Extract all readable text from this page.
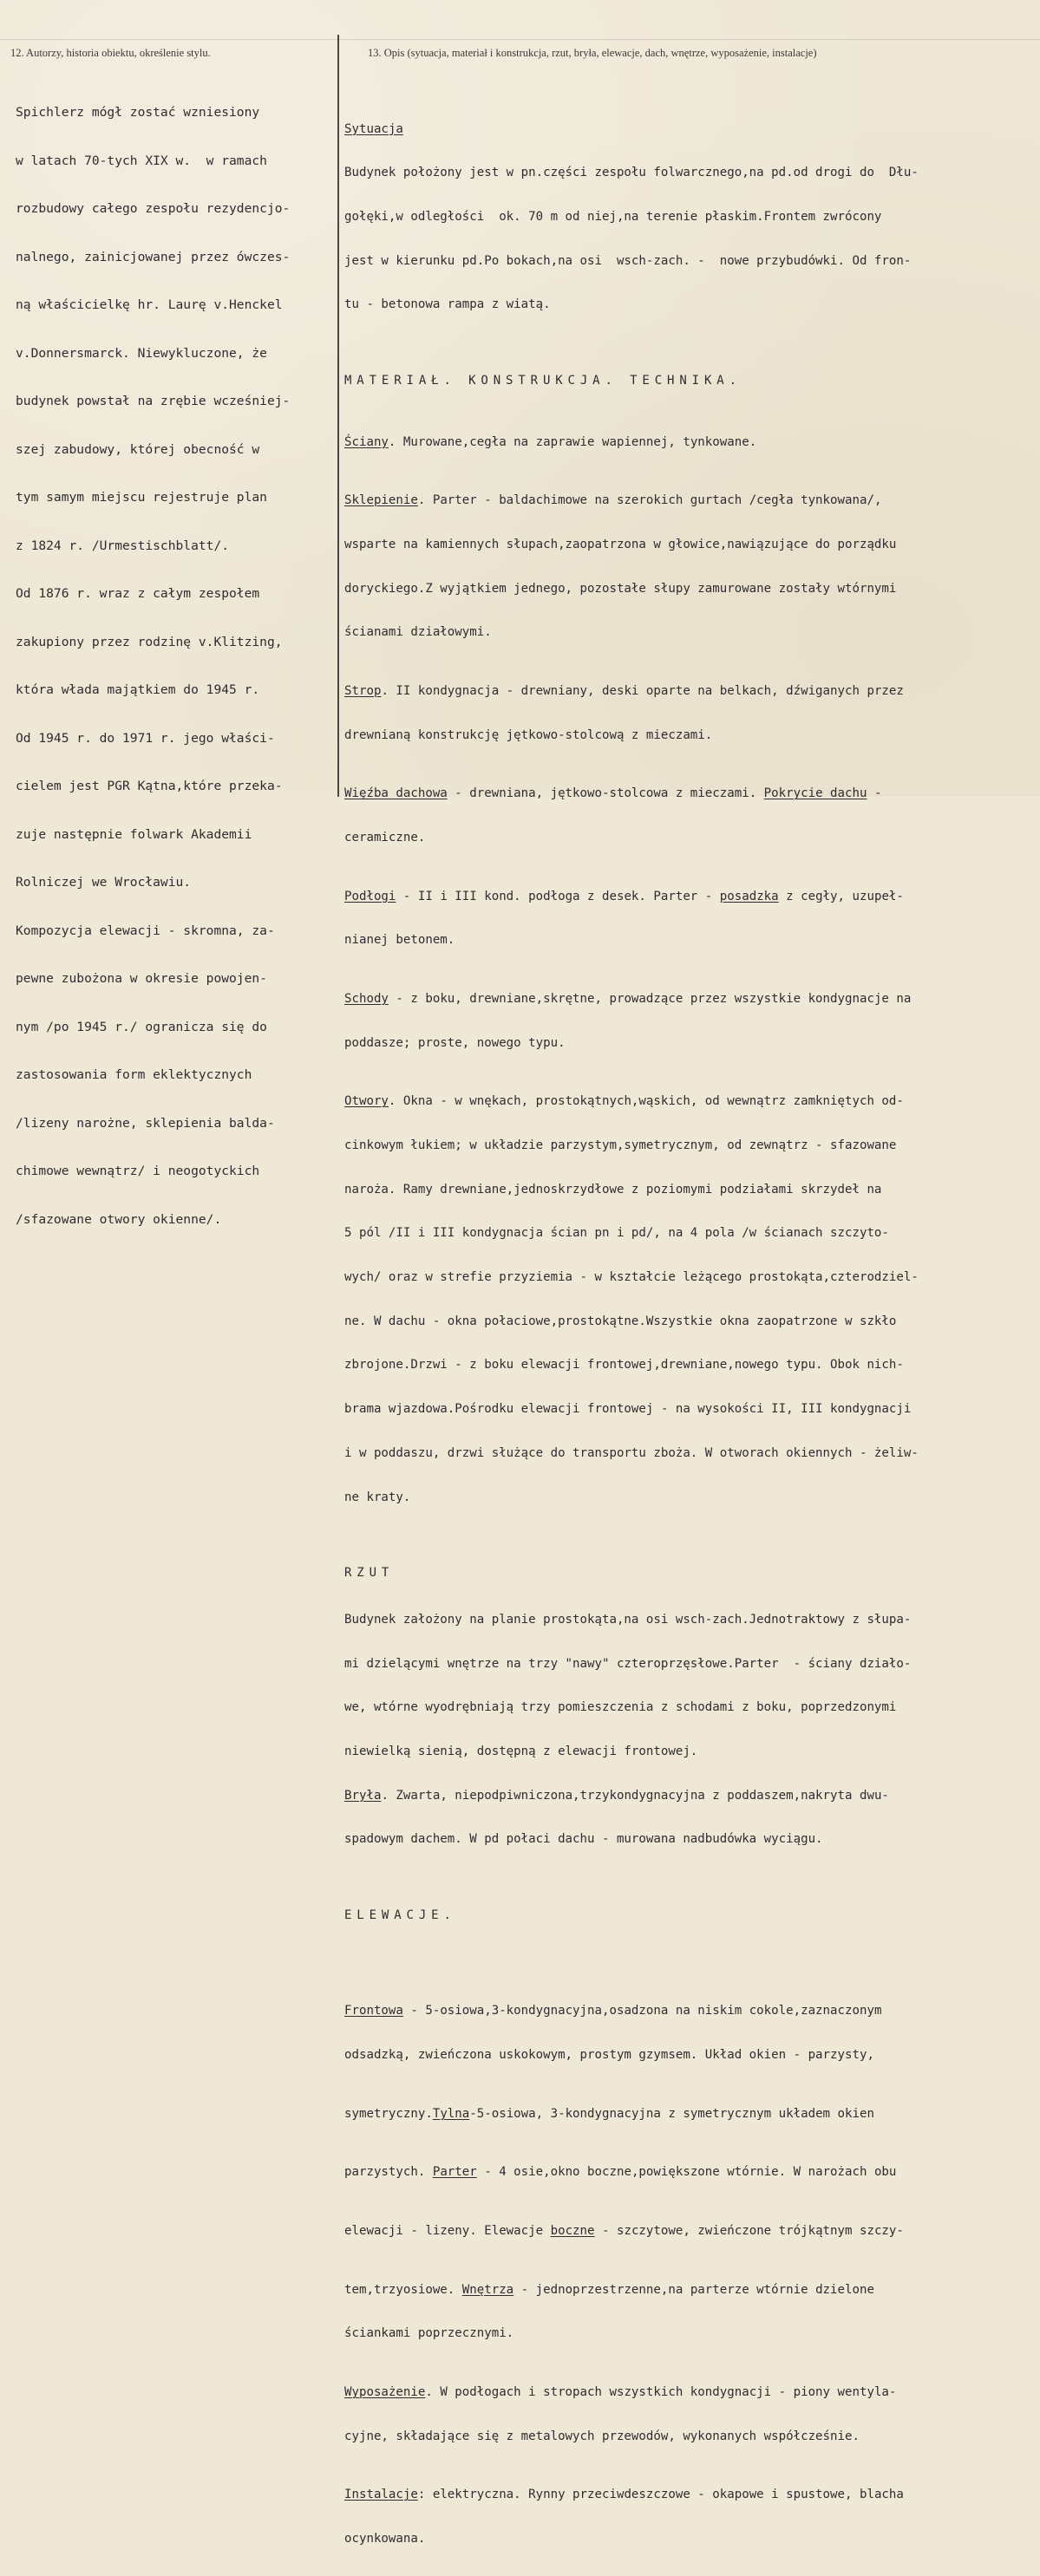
12. Autorzy, historia obiektu, określenie stylu.	13. Opis (sytuacja, materiał i konstrukcja, rzut, bryła, elewacje, dach, wnętrze, wyposażenie, instalacje)

Spichlerz mógł zostać wzniesiony

w latach 70-tych XIX w.  w ramach

rozbudowy całego zespołu rezydencjo-

nalnego, zainicjowanej przez ówczes-

ną właścicielkę hr. Laurę v.Henckel

v.Donnersmarck. Niewykluczone, że

budynek powstał na zrębie wcześniej-

szej zabudowy, której obecność w

tym samym miejscu rejestruje plan

z 1824 r. /Urmestischblatt/.

Od 1876 r. wraz z całym zespołem

zakupiony przez rodzinę v.Klitzing,

która włada majątkiem do 1945 r.

Od 1945 r. do 1971 r. jego właści-

cielem jest PGR Kątna,które przeka-

zuje następnie folwark Akademii

Rolniczej we Wrocławiu.

Kompozycja elewacji - skromna, za-

pewne zubożona w okresie powojen-

nym /po 1945 r./ ogranicza się do

zastosowania form eklektycznych

/lizeny narożne, sklepienia balda-

chimowe wewnątrz/ i neogotyckich

/sfazowane otwory okienne/.

Sytuacja

Budynek położony jest w pn.części zespołu folwarcznego,na pd.od drogi do  Dłu-

gołęki,w odległości  ok. 70 m od niej,na terenie płaskim.Frontem zwrócony

jest w kierunku pd.Po bokach,na osi  wsch-zach. -  nowe przybudówki. Od fron-

tu - betonowa rampa z wiatą.

MATERIAŁ. KONSTRUKCJA. TECHNIKA.

Ściany. Murowane,cegła na zaprawie wapiennej, tynkowane.

Sklepienie. Parter - baldachimowe na szerokich gurtach /cegła tynkowana/,

wsparte na kamiennych słupach,zaopatrzona w głowice,nawiązujące do porządku

doryckiego.Z wyjątkiem jednego, pozostałe słupy zamurowane zostały wtórnymi

ścianami działowymi.

Strop. II kondygnacja - drewniany, deski oparte na belkach, dźwiganych przez

drewnianą konstrukcję jętkowo-stolcową z mieczami.

Więźba dachowa - drewniana, jętkowo-stolcowa z mieczami. Pokrycie dachu -

ceramiczne.

Podłogi - II i III kond. podłoga z desek. Parter - posadzka z cegły, uzupeł-

nianej betonem.

Schody - z boku, drewniane,skrętne, prowadzące przez wszystkie kondygnacje na

poddasze; proste, nowego typu.

Otwory. Okna - w wnękach, prostokątnych,wąskich, od wewnątrz zamkniętych od-

cinkowym łukiem; w układzie parzystym,symetrycznym, od zewnątrz - sfazowane

naroża. Ramy drewniane,jednoskrzydłowe z poziomymi podziałami skrzydeł na

5 pól /II i III kondygnacja ścian pn i pd/, na 4 pola /w ścianach szczyto-

wych/ oraz w strefie przyziemia - w kształcie leżącego prostokąta,czterodziel-

ne. W dachu - okna połaciowe,prostokątne.Wszystkie okna zaopatrzone w szkło

zbrojone.Drzwi - z boku elewacji frontowej,drewniane,nowego typu. Obok nich-

brama wjazdowa.Pośrodku elewacji frontowej - na wysokości II, III kondygnacji

i w poddaszu, drzwi służące do transportu zboża. W otworach okiennych - żeliw-

ne kraty.

RZUT

Budynek założony na planie prostokąta,na osi wsch-zach.Jednotraktowy z słupa-

mi dzielącymi wnętrze na trzy "nawy" czteroprzęsłowe.Parter  - ściany działo-

we, wtórne wyodrębniają trzy pomieszczenia z schodami z boku, poprzedzonymi

niewielką sienią, dostępną z elewacji frontowej.

Bryła. Zwarta, niepodpiwniczona,trzykondygnacyjna z poddaszem,nakryta dwu-

spadowym dachem. W pd połaci dachu - murowana nadbudówka wyciągu.

ELEWACJE.

Frontowa - 5-osiowa,3-kondygnacyjna,osadzona na niskim cokole,zaznaczonym

odsadzką, zwieńczona uskokowym, prostym gzymsem. Układ okien - parzysty,

symetryczny.Tylna-5-osiowa, 3-kondygnacyjna z symetrycznym układem okien

parzystych. Parter - 4 osie,okno boczne,powiększone wtórnie. W narożach obu

elewacji - lizeny. Elewacje boczne - szczytowe, zwieńczone trójkątnym szczy-

tem,trzyosiowe. Wnętrza - jednoprzestrzenne,na parterze wtórnie dzielone

ściankami poprzecznymi.

Wyposażenie. W podłogach i stropach wszystkich kondygnacji - piony wentyla-

cyjne, składające się z metalowych przewodów, wykonanych współcześnie.

Instalacje: elektryczna. Rynny przeciwdeszczowe - okapowe i spustowe, blacha

ocynkowana.
